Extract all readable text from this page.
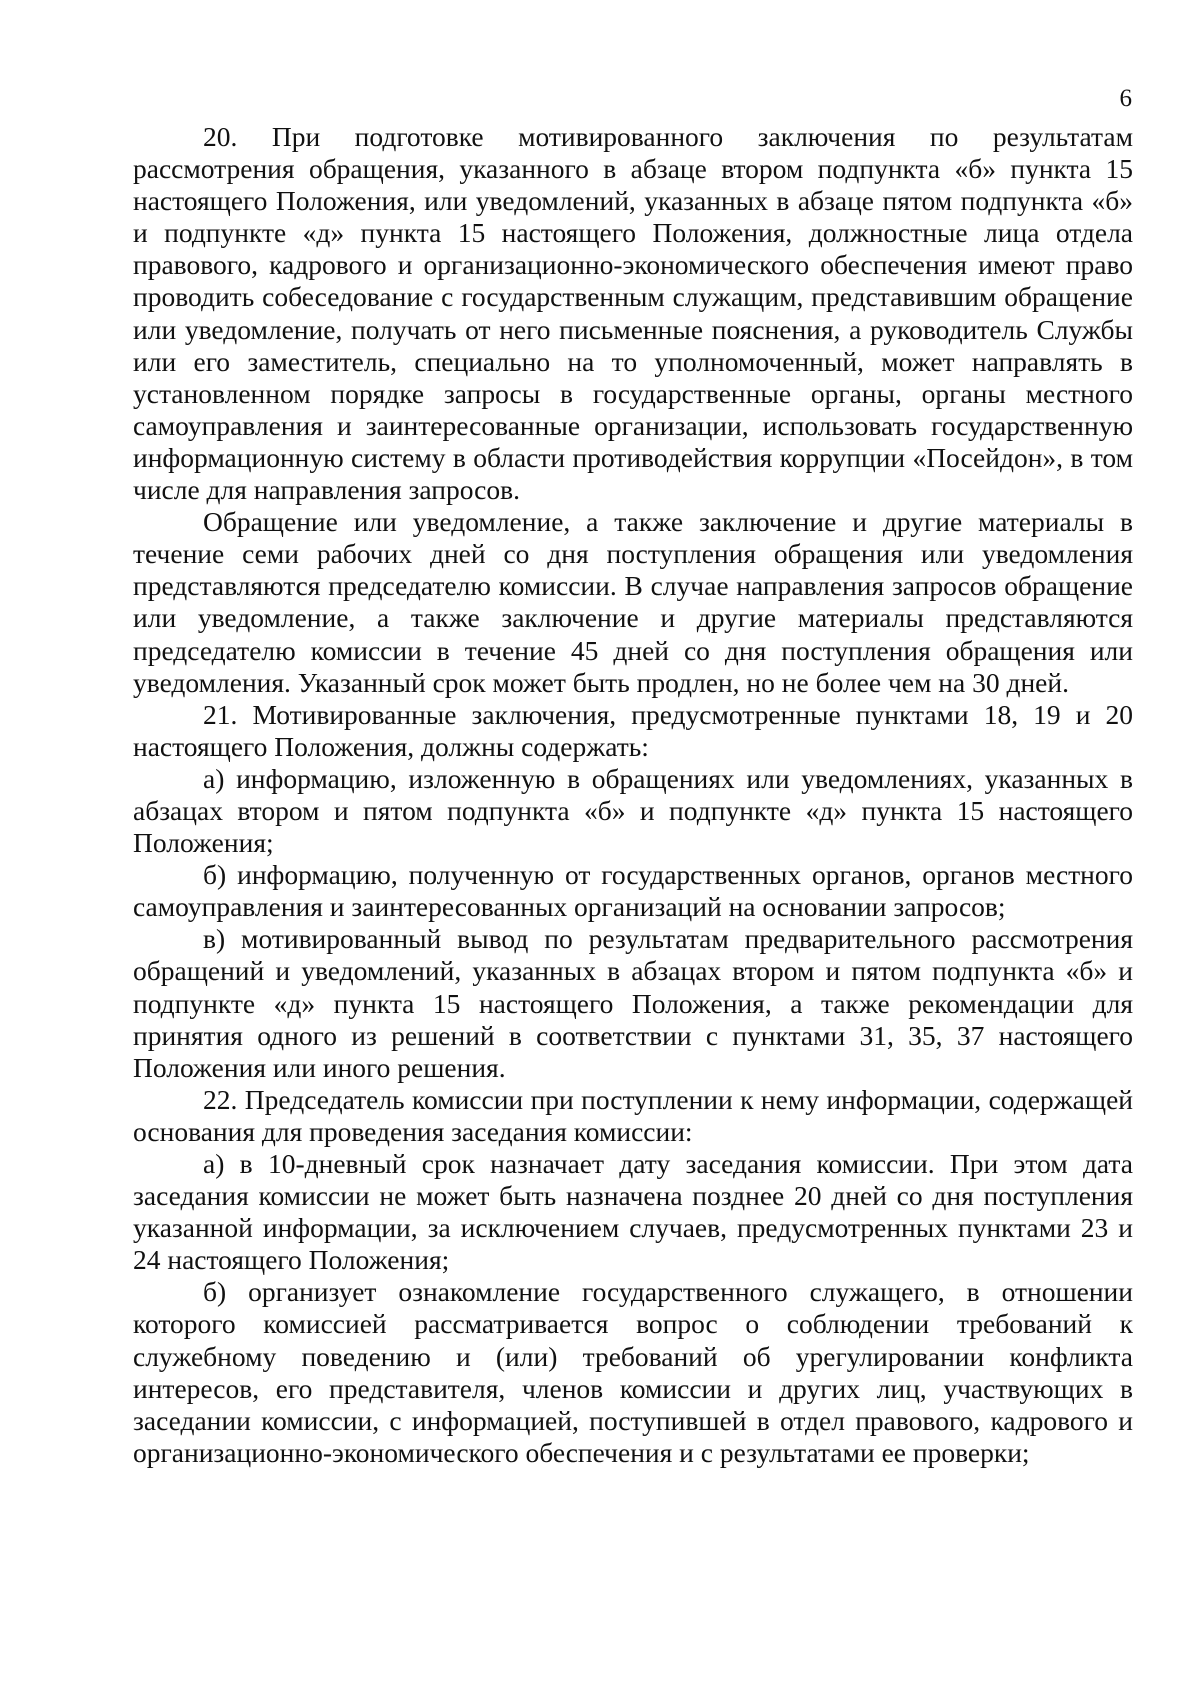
6

20. При подготовке мотивированного заключения по результатам рассмотрения обращения, указанного в абзаце втором подпункта «б» пункта 15 настоящего Положения, или уведомлений, указанных в абзаце пятом подпункта «б» и подпункте «д» пункта 15 настоящего Положения, должностные лица отдела правового, кадрового и организационно-экономического обеспечения имеют право проводить собеседование с государственным служащим, представившим обращение или уведомление, получать от него письменные пояснения, а руководитель Службы или его заместитель, специально на то уполномоченный, может направлять в установленном порядке запросы в государственные органы, органы местного самоуправления и заинтересованные организации, использовать государственную информационную систему в области противодействия коррупции «Посейдон», в том числе для направления запросов.

Обращение или уведомление, а также заключение и другие материалы в течение семи рабочих дней со дня поступления обращения или уведомления представляются председателю комиссии. В случае направления запросов обращение или уведомление, а также заключение и другие материалы представляются председателю комиссии в течение 45 дней со дня поступления обращения или уведомления. Указанный срок может быть продлен, но не более чем на 30 дней.

21. Мотивированные заключения, предусмотренные пунктами 18, 19 и 20 настоящего Положения, должны содержать:

а) информацию, изложенную в обращениях или уведомлениях, указанных в абзацах втором и пятом подпункта «б» и подпункте «д» пункта 15 настоящего Положения;

б) информацию, полученную от государственных органов, органов местного самоуправления и заинтересованных организаций на основании запросов;

в) мотивированный вывод по результатам предварительного рассмотрения обращений и уведомлений, указанных в абзацах втором и пятом подпункта «б» и подпункте «д» пункта 15 настоящего Положения, а также рекомендации для принятия одного из решений в соответствии с пунктами 31, 35, 37 настоящего Положения или иного решения.

22. Председатель комиссии при поступлении к нему информации, содержащей основания для проведения заседания комиссии:

а) в 10-дневный срок назначает дату заседания комиссии. При этом дата заседания комиссии не может быть назначена позднее 20 дней со дня поступления указанной информации, за исключением случаев, предусмотренных пунктами 23 и 24 настоящего Положения;

б) организует ознакомление государственного служащего, в отношении которого комиссией рассматривается вопрос о соблюдении требований к служебному поведению и (или) требований об урегулировании конфликта интересов, его представителя, членов комиссии и других лиц, участвующих в заседании комиссии, с информацией, поступившей в отдел правового, кадрового и организационно-экономического обеспечения и с результатами ее проверки;
